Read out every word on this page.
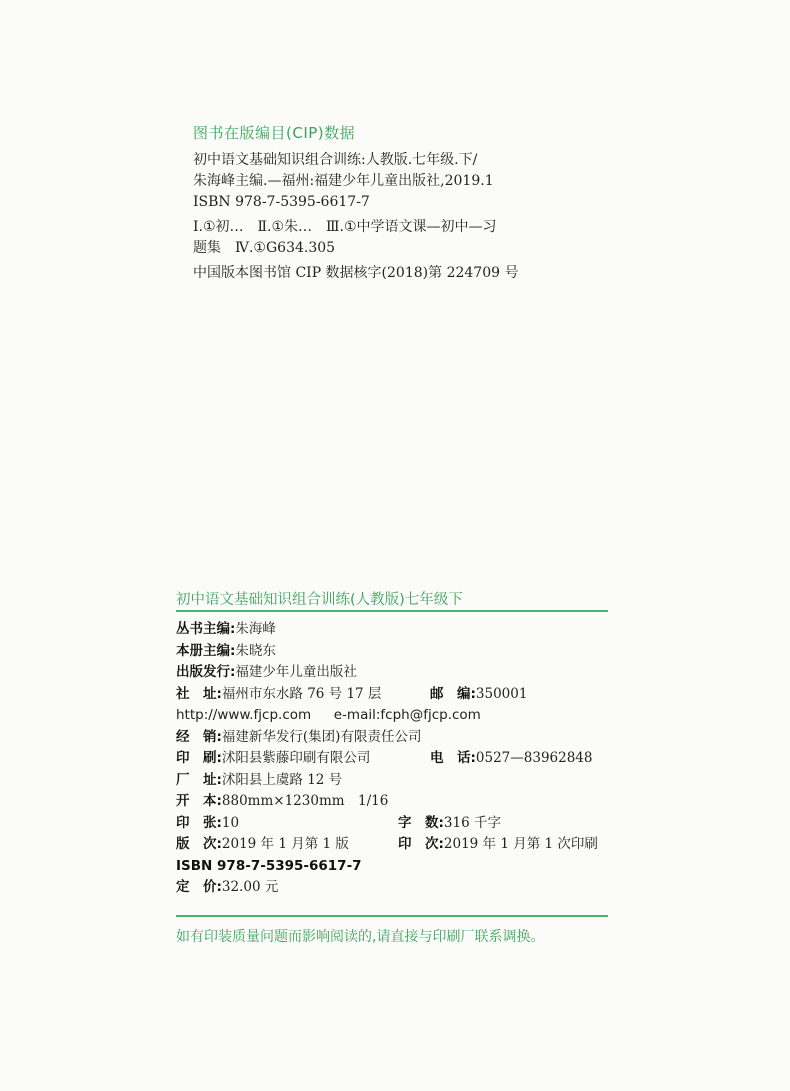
图书在版编目(CIP)数据
初中语文基础知识组合训练:人教版.七年级.下/
朱海峰主编.—福州:福建少年儿童出版社,2019.1
ISBN 978-7-5395-6617-7
Ⅰ.①初…　Ⅱ.①朱…　Ⅲ.①中学语文课—初中—习
题集　Ⅳ.①G634.305
中国版本图书馆 CIP 数据核字(2018)第 224709 号
初中语文基础知识组合训练(人教版)七年级下
丛书主编:朱海峰
本册主编:朱晓东
出版发行:福建少年儿童出版社
社　址:福州市东水路 76 号 17 层	邮　编:350001
http://www.fjcp.com e-mail:fcph@fjcp.com
经　销:福建新华发行(集团)有限责任公司
印　刷:沭阳县紫藤印刷有限公司	电　话:0527—83962848
厂　址:沭阳县上虞路 12 号
开　本:880mm×1230mm　1/16
印　张:10	字　数:316 千字
版　次:2019 年 1 月第 1 版	印　次:2019 年 1 月第 1 次印刷
ISBN 978-7-5395-6617-7
定　价:32.00 元
如有印装质量问题而影响阅读的,请直接与印刷厂联系调换。
